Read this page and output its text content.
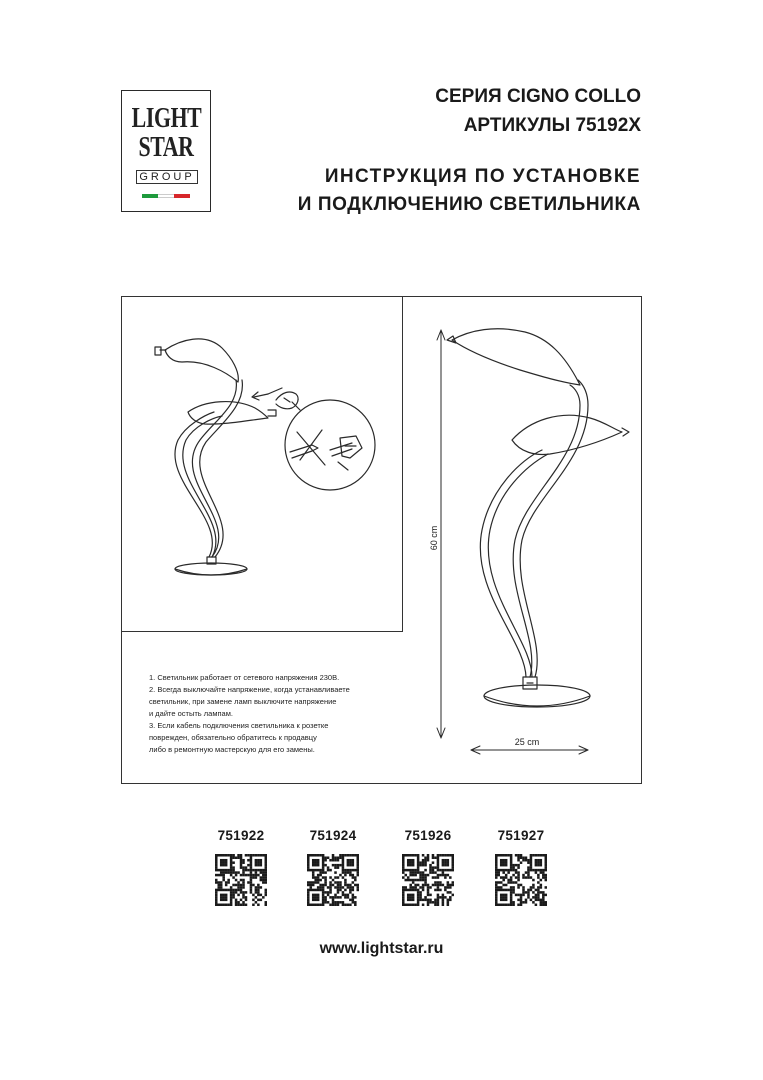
LIGHT
STAR
GROUP
СЕРИЯ CIGNO COLLO
АРТИКУЛЫ 75192X
ИНСТРУКЦИЯ ПО УСТАНОВКЕ
И ПОДКЛЮЧЕНИЮ СВЕТИЛЬНИКА
60 cm
25 cm
1. Светильник работает от сетевого напряжения 230В.
2. Всегда выключайте напряжение, когда устанавливаете
светильник, при замене ламп выключите напряжение
и дайте остыть лампам.
3. Если кабель подключения светильника к розетке
поврежден, обязательно обратитесь к продавцу
либо в ремонтную мастерскую для его замены.
751922	751924	751926	751927
www.lightstar.ru
